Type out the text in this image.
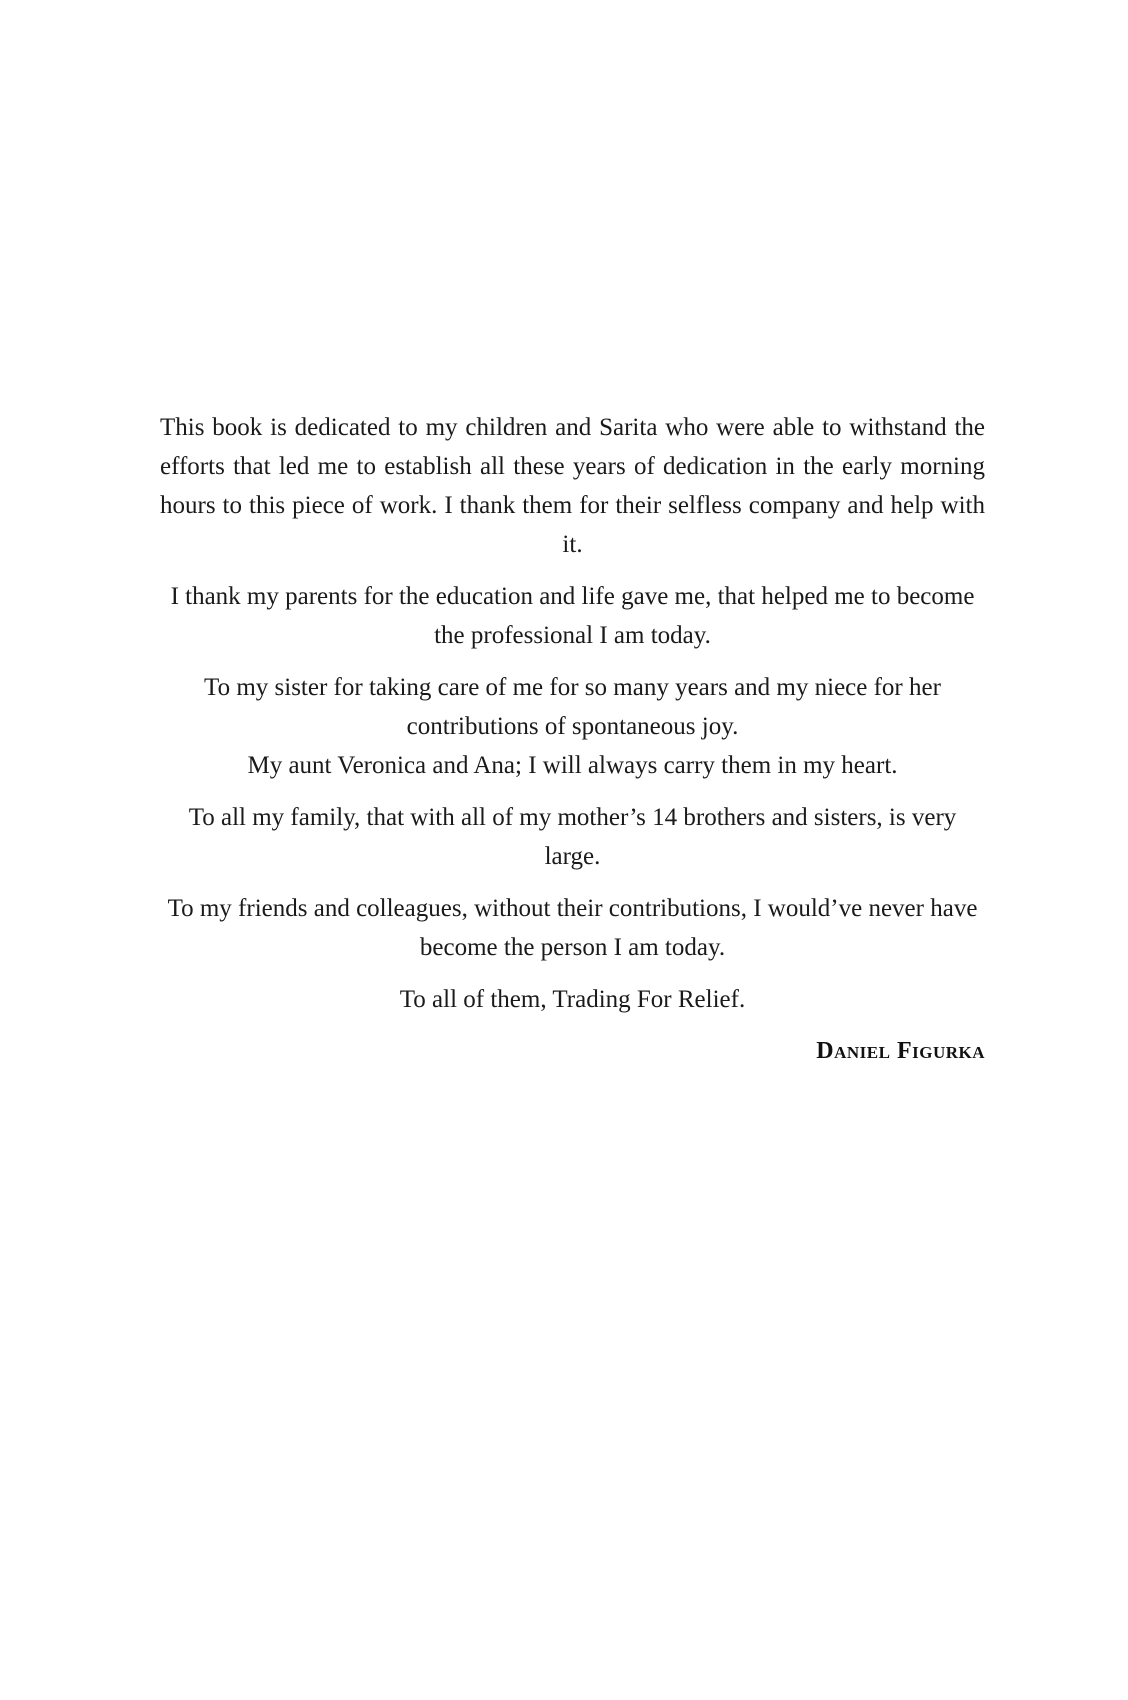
This book is dedicated to my children and Sarita who were able to withstand the efforts that led me to establish all these years of dedication in the early morning hours to this piece of work. I thank them for their selfless company and help with it.

I thank my parents for the education and life gave me, that helped me to become the professional I am today.

To my sister for taking care of me for so many years and my niece for her contributions of spontaneous joy.

My aunt Veronica and Ana; I will always carry them in my heart.

To all my family, that with all of my mother’s 14 brothers and sisters, is very large.

To my friends and colleagues, without their contributions, I would’ve never have become the person I am today.

To all of them, Trading For Relief.

Daniel Figurka
